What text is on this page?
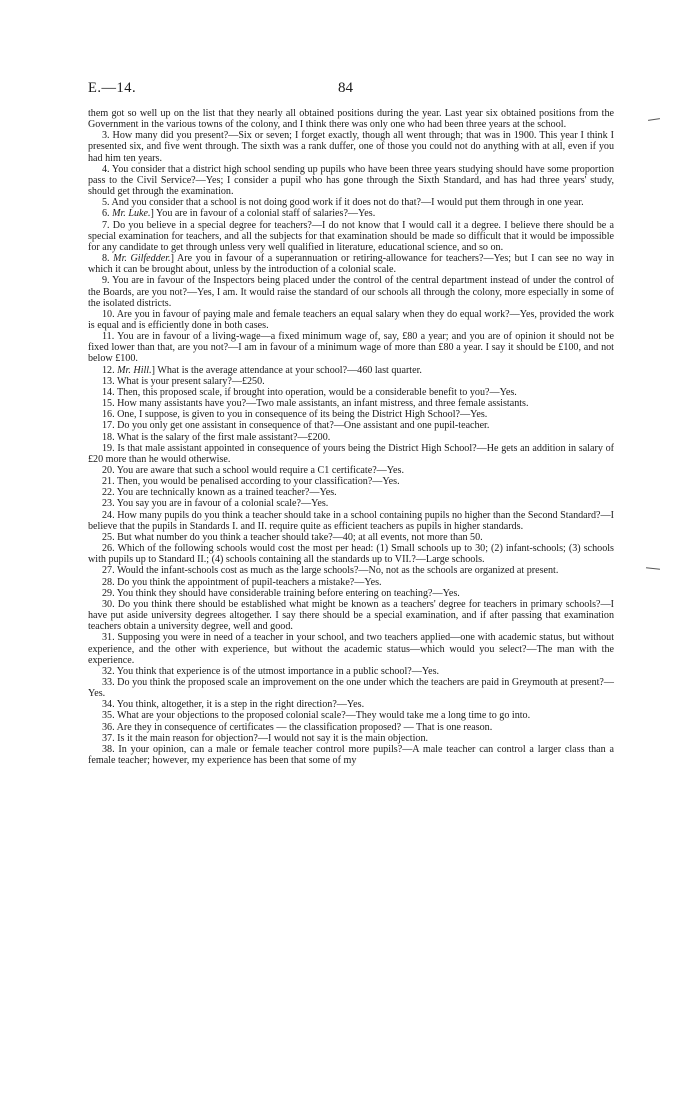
E.—14.	84

them got so well up on the list that they nearly all obtained positions during the year. Last year six obtained positions from the Government in the various towns of the colony, and I think there was only one who had been three years at the school.

3. How many did you present?—Six or seven; I forget exactly, though all went through; that was in 1900. This year I think I presented six, and five went through. The sixth was a rank duffer, one of those you could not do anything with at all, even if you had him ten years.

4. You consider that a district high school sending up pupils who have been three years studying should have some proportion pass to the Civil Service?—Yes; I consider a pupil who has gone through the Sixth Standard, and has had three years' study, should get through the examination.

5. And you consider that a school is not doing good work if it does not do that?—I would put them through in one year.

6. Mr. Luke.] You are in favour of a colonial staff of salaries?—Yes.

7. Do you believe in a special degree for teachers?—I do not know that I would call it a degree. I believe there should be a special examination for teachers, and all the subjects for that examination should be made so difficult that it would be impossible for any candidate to get through unless very well qualified in literature, educational science, and so on.

8. Mr. Gilfedder.] Are you in favour of a superannuation or retiring-allowance for teachers?—Yes; but I can see no way in which it can be brought about, unless by the introduction of a colonial scale.

9. You are in favour of the Inspectors being placed under the control of the central department instead of under the control of the Boards, are you not?—Yes, I am. It would raise the standard of our schools all through the colony, more especially in some of the isolated districts.

10. Are you in favour of paying male and female teachers an equal salary when they do equal work?—Yes, provided the work is equal and is efficiently done in both cases.

11. You are in favour of a living-wage—a fixed minimum wage of, say, £80 a year; and you are of opinion it should not be fixed lower than that, are you not?—I am in favour of a minimum wage of more than £80 a year. I say it should be £100, and not below £100.

12. Mr. Hill.] What is the average attendance at your school?—460 last quarter.

13. What is your present salary?—£250.

14. Then, this proposed scale, if brought into operation, would be a considerable benefit to you?—Yes.

15. How many assistants have you?—Two male assistants, an infant mistress, and three female assistants.

16. One, I suppose, is given to you in consequence of its being the District High School?—Yes.

17. Do you only get one assistant in consequence of that?—One assistant and one pupil-teacher.

18. What is the salary of the first male assistant?—£200.

19. Is that male assistant appointed in consequence of yours being the District High School?—He gets an addition in salary of £20 more than he would otherwise.

20. You are aware that such a school would require a C1 certificate?—Yes.

21. Then, you would be penalised according to your classification?—Yes.

22. You are technically known as a trained teacher?—Yes.

23. You say you are in favour of a colonial scale?—Yes.

24. How many pupils do you think a teacher should take in a school containing pupils no higher than the Second Standard?—I believe that the pupils in Standards I. and II. require quite as efficient teachers as pupils in higher standards.

25. But what number do you think a teacher should take?—40; at all events, not more than 50.

26. Which of the following schools would cost the most per head: (1) Small schools up to 30; (2) infant-schools; (3) schools with pupils up to Standard II.; (4) schools containing all the standards up to VII.?—Large schools.

27. Would the infant-schools cost as much as the large schools?—No, not as the schools are organized at present.

28. Do you think the appointment of pupil-teachers a mistake?—Yes.

29. You think they should have considerable training before entering on teaching?—Yes.

30. Do you think there should be established what might be known as a teachers' degree for teachers in primary schools?—I have put aside university degrees altogether. I say there should be a special examination, and if after passing that examination teachers obtain a university degree, well and good.

31. Supposing you were in need of a teacher in your school, and two teachers applied—one with academic status, but without experience, and the other with experience, but without the academic status—which would you select?—The man with the experience.

32. You think that experience is of the utmost importance in a public school?—Yes.

33. Do you think the proposed scale an improvement on the one under which the teachers are paid in Greymouth at present?—Yes.

34. You think, altogether, it is a step in the right direction?—Yes.

35. What are your objections to the proposed colonial scale?—They would take me a long time to go into.

36. Are they in consequence of certificates — the classification proposed? — That is one reason.

37. Is it the main reason for objection?—I would not say it is the main objection.

38. In your opinion, can a male or female teacher control more pupils?—A male teacher can control a larger class than a female teacher; however, my experience has been that some of my
